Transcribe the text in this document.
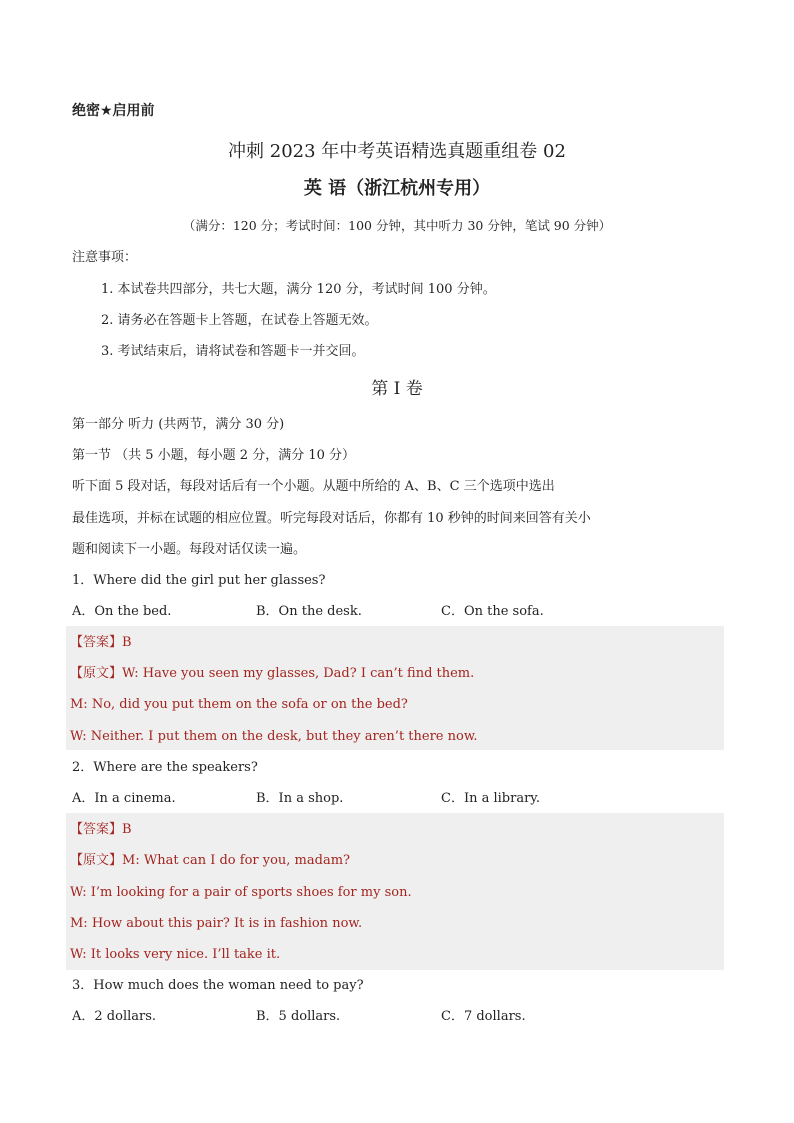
绝密★启用前
冲刺 2023 年中考英语精选真题重组卷 02
英 语（浙江杭州专用）
（满分：120 分；考试时间：100 分钟，其中听力 30 分钟，笔试 90 分钟）
注意事项：
1. 本试卷共四部分，共七大题，满分 120 分，考试时间 100 分钟。
2. 请务必在答题卡上答题，在试卷上答题无效。
3. 考试结束后，请将试卷和答题卡一并交回。
第 I 卷
第一部分 听力 (共两节，满分 30 分)
第一节 （共 5 小题，每小题 2 分，满分 10 分）
听下面 5 段对话，每段对话后有一个小题。从题中所给的 A、B、C 三个选项中选出
最佳选项，并标在试题的相应位置。听完每段对话后，你都有 10 秒钟的时间来回答有关小
题和阅读下一小题。每段对话仅读一遍。
1．Where did the girl put her glasses?
A．On the bed.	B．On the desk.	C．On the sofa.
【答案】B
【原文】W: Have you seen my glasses, Dad? I can’t find them.
M: No, did you put them on the sofa or on the bed?
W: Neither. I put them on the desk, but they aren’t there now.
2．Where are the speakers?
A．In a cinema.	B．In a shop.	C．In a library.
【答案】B
【原文】M: What can I do for you, madam?
W: I’m looking for a pair of sports shoes for my son.
M: How about this pair? It is in fashion now.
W: It looks very nice. I’ll take it.
3．How much does the woman need to pay?
A．2 dollars.	B．5 dollars.	C．7 dollars.
